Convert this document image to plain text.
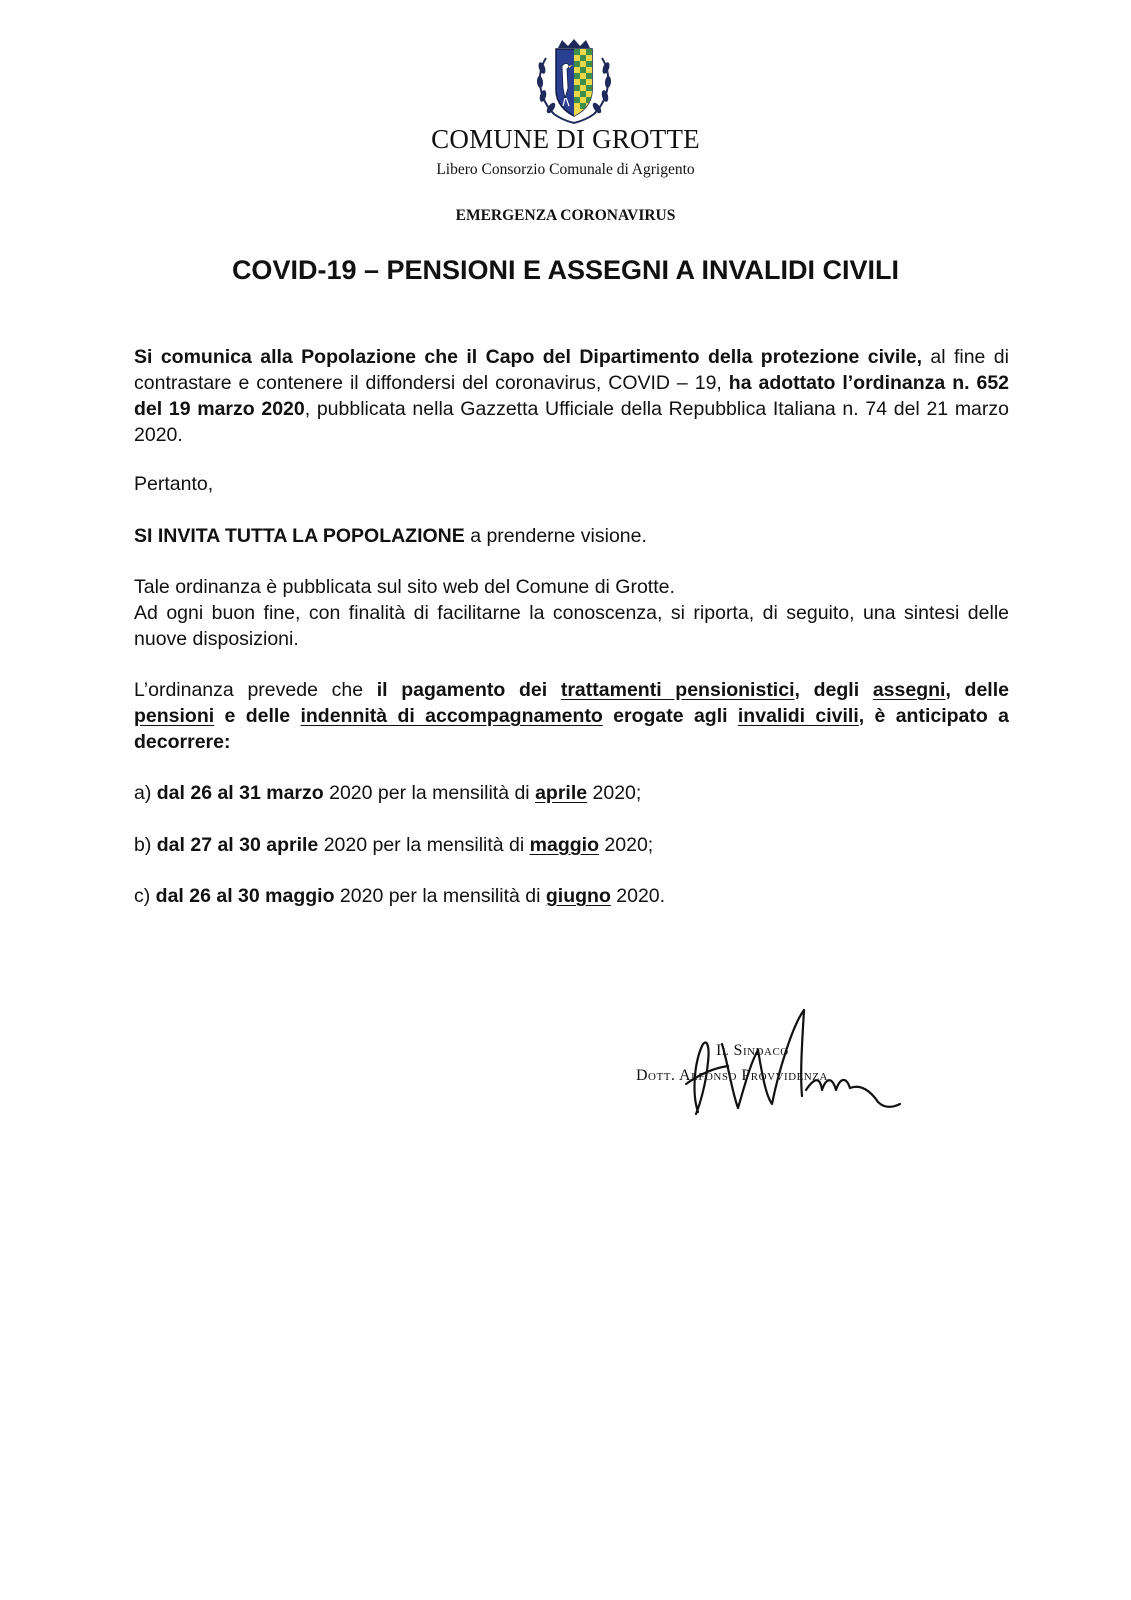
COMUNE DI GROTTE
Libero Consorzio Comunale di Agrigento
EMERGENZA CORONAVIRUS
COVID-19 – PENSIONI E ASSEGNI A INVALIDI CIVILI
Si comunica alla Popolazione che il Capo del Dipartimento della protezione civile, al fine di contrastare e contenere il diffondersi del coronavirus, COVID – 19, ha adottato l’ordinanza n. 652 del 19 marzo 2020, pubblicata nella Gazzetta Ufficiale della Repubblica Italiana n. 74 del 21 marzo 2020.
Pertanto,
SI INVITA TUTTA LA POPOLAZIONE a prenderne visione.
Tale ordinanza è pubblicata sul sito web del Comune di Grotte.
Ad ogni buon fine, con finalità di facilitarne la conoscenza, si riporta, di seguito, una sintesi delle nuove disposizioni.
L’ordinanza prevede che il pagamento dei trattamenti pensionistici, degli assegni, delle pensioni e delle indennità di accompagnamento erogate agli invalidi civili, è anticipato a decorrere:
a) dal 26 al 31 marzo 2020 per la mensilità di aprile 2020;
b) dal 27 al 30 aprile 2020 per la mensilità di maggio 2020;
c) dal 26 al 30 maggio 2020 per la mensilità di giugno 2020.
Il Sindaco
Dott. Alfonso Provvidenza
